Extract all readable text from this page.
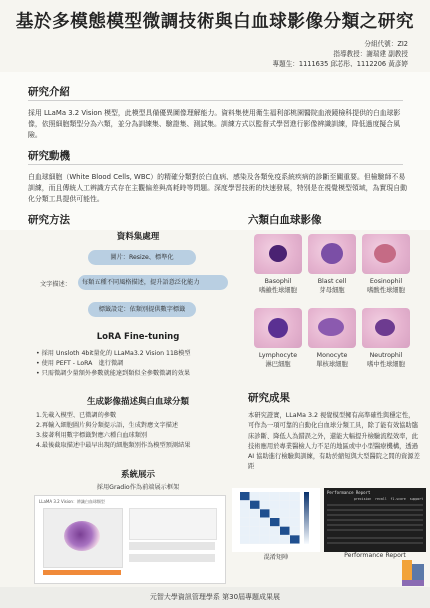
基於多模態模型微調技術與白血球影像分類之研究
分組代號：ZI2
指導教授：謝瑞建 副教授
專題生：1111635 邱芯彤、1112206 黃彥婷
研究介紹
採用 LLaMa 3.2 Vision 模型，此模型具備優異圖像理解能力。資料集使用衛生福利部桃園醫院血液鏡檢科提供的白血球影像，依照細胞類型分為六類，並分為訓練集、驗證集、測試集。訓練方式以監督式學習進行影像辨識訓練，降低過度擬合風險。
研究動機
白血球細胞（White Blood Cells, WBC）的精確分類對於白血病、感染及各類免疫系統疾病的診斷至關重要。但檢驗師不易訓練，而且傳統人工辨識方式存在主觀偏差與高耗時等問題。深度學習技術的快速發展，特別是在視覺模型領域，為實現自動化分類工具提供可能性。
研究方法
資料集處理
圖片：Resize、標準化
文字描述：	每類五種不同風格描述，提升語意泛化能力
標籤設定：依類別提供數字標籤
LoRA Fine-tuning
• 採用 Unsloth 4bit量化的 LLaMa3.2 Vision 11B模型
• 使用 PEFT - LoRA　進行微調
• 只需微調少量額外參數就能達到類似全參數微調的效果
生成影像描述與白血球分類
1.先載入模型、已微調的參數
2.再輸入細胞圖片與分類提示語，生成對應文字描述
3.接著利用數字標籤對應六種白血球類別
4.最後截取描述中最早出現的細胞類別作為模型預測結果
系統展示
採用Gradio作為前端展示框架
LLaMA 3.2 Vision：辨識白血球類型
六類白血球影像
Basophil
嗜鹼性球細胞
Blast cell
芽母細胞
Eosinophil
嗜酸性球細胞
Lymphocyte
淋巴細胞
Monocyte
單核球細胞
Neutrophil
嗜中性球細胞
研究成果
本研究證實，LLaMa 3.2 視覺模型擁有高準確性與穩定性，可作為一項可靠的自動化白血球分類工具，除了能有效協助臨床診斷、降低人為錯誤之外，還能大幅提升檢驗流程效率，此技術應用於專業醫檢人力不足的地區或中小型醫療機構，透過 AI 協助進行檢驗與訓練，有助於縮短與大型醫院之間的資源差距
混淆矩陣
Performance Report
precision recall f1-score support
Performance Report
元智大學資訊管理學系 第30屆專題成果展
